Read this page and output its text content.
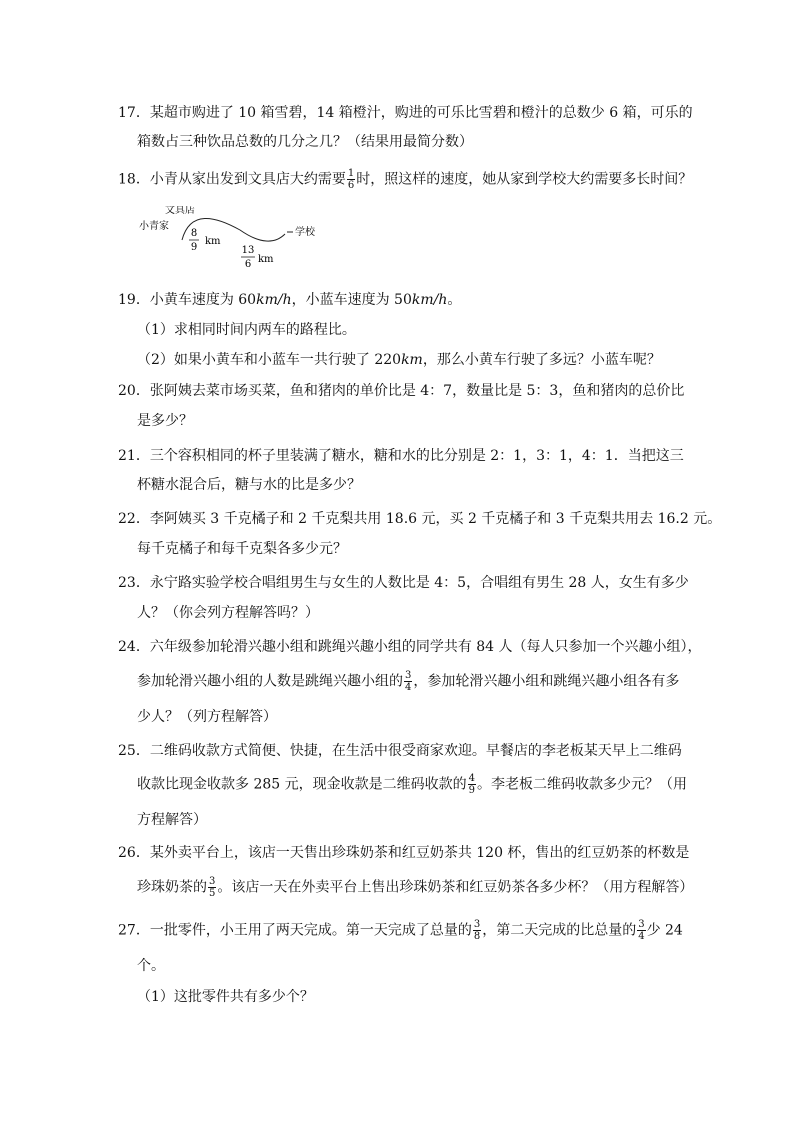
17．某超市购进了 10 箱雪碧，14 箱橙汁，购进的可乐比雪碧和橙汁的总数少 6 箱，可乐的
箱数占三种饮品总数的几分之几？（结果用最简分数）
18．小青从家出发到文具店大约需要 $\frac{1}{6}$ 时，照这样的速度，她从家到学校大约需要多长时间？
小青家
文具店
学校
8
9
km
13
6 km
19．小黄车速度为 60km/h，小蓝车速度为 50km/h。
（1）求相同时间内两车的路程比。
（2）如果小黄车和小蓝车一共行驶了 220km，那么小黄车行驶了多远？小蓝车呢？
20．张阿姨去菜市场买菜，鱼和猪肉的单价比是 4：7，数量比是 5：3，鱼和猪肉的总价比
是多少？
21．三个容积相同的杯子里装满了糖水，糖和水的比分别是 2：1，3：1，4：1．当把这三
杯糖水混合后，糖与水的比是多少？
22．李阿姨买 3 千克橘子和 2 千克梨共用 18.6 元，买 2 千克橘子和 3 千克梨共用去 16.2 元。
每千克橘子和每千克梨各多少元？
23．永宁路实验学校合唱组男生与女生的人数比是 4：5，合唱组有男生 28 人，女生有多少
人？（你会列方程解答吗？）
24．六年级参加轮滑兴趣小组和跳绳兴趣小组的同学共有 84 人（每人只参加一个兴趣小组），
参加轮滑兴趣小组的人数是跳绳兴趣小组的 $\frac{3}{4}$ ，参加轮滑兴趣小组和跳绳兴趣小组各有多
少人？（列方程解答）
25．二维码收款方式简便、快捷，在生活中很受商家欢迎。早餐店的李老板某天早上二维码
收款比现金收款多 285 元，现金收款是二维码收款的 $\frac{4}{9}$ 。李老板二维码收款多少元？（用
方程解答）
26．某外卖平台上，该店一天售出珍珠奶茶和红豆奶茶共 120 杯，售出的红豆奶茶的杯数是
珍珠奶茶的 $\frac{3}{5}$ 。该店一天在外卖平台上售出珍珠奶茶和红豆奶茶各多少杯？（用方程解答）
27．一批零件，小王用了两天完成。第一天完成了总量的 $\frac{3}{8}$ ，第二天完成的比总量的 $\frac{3}{4}$ 少 24
个。
（1）这批零件共有多少个？
